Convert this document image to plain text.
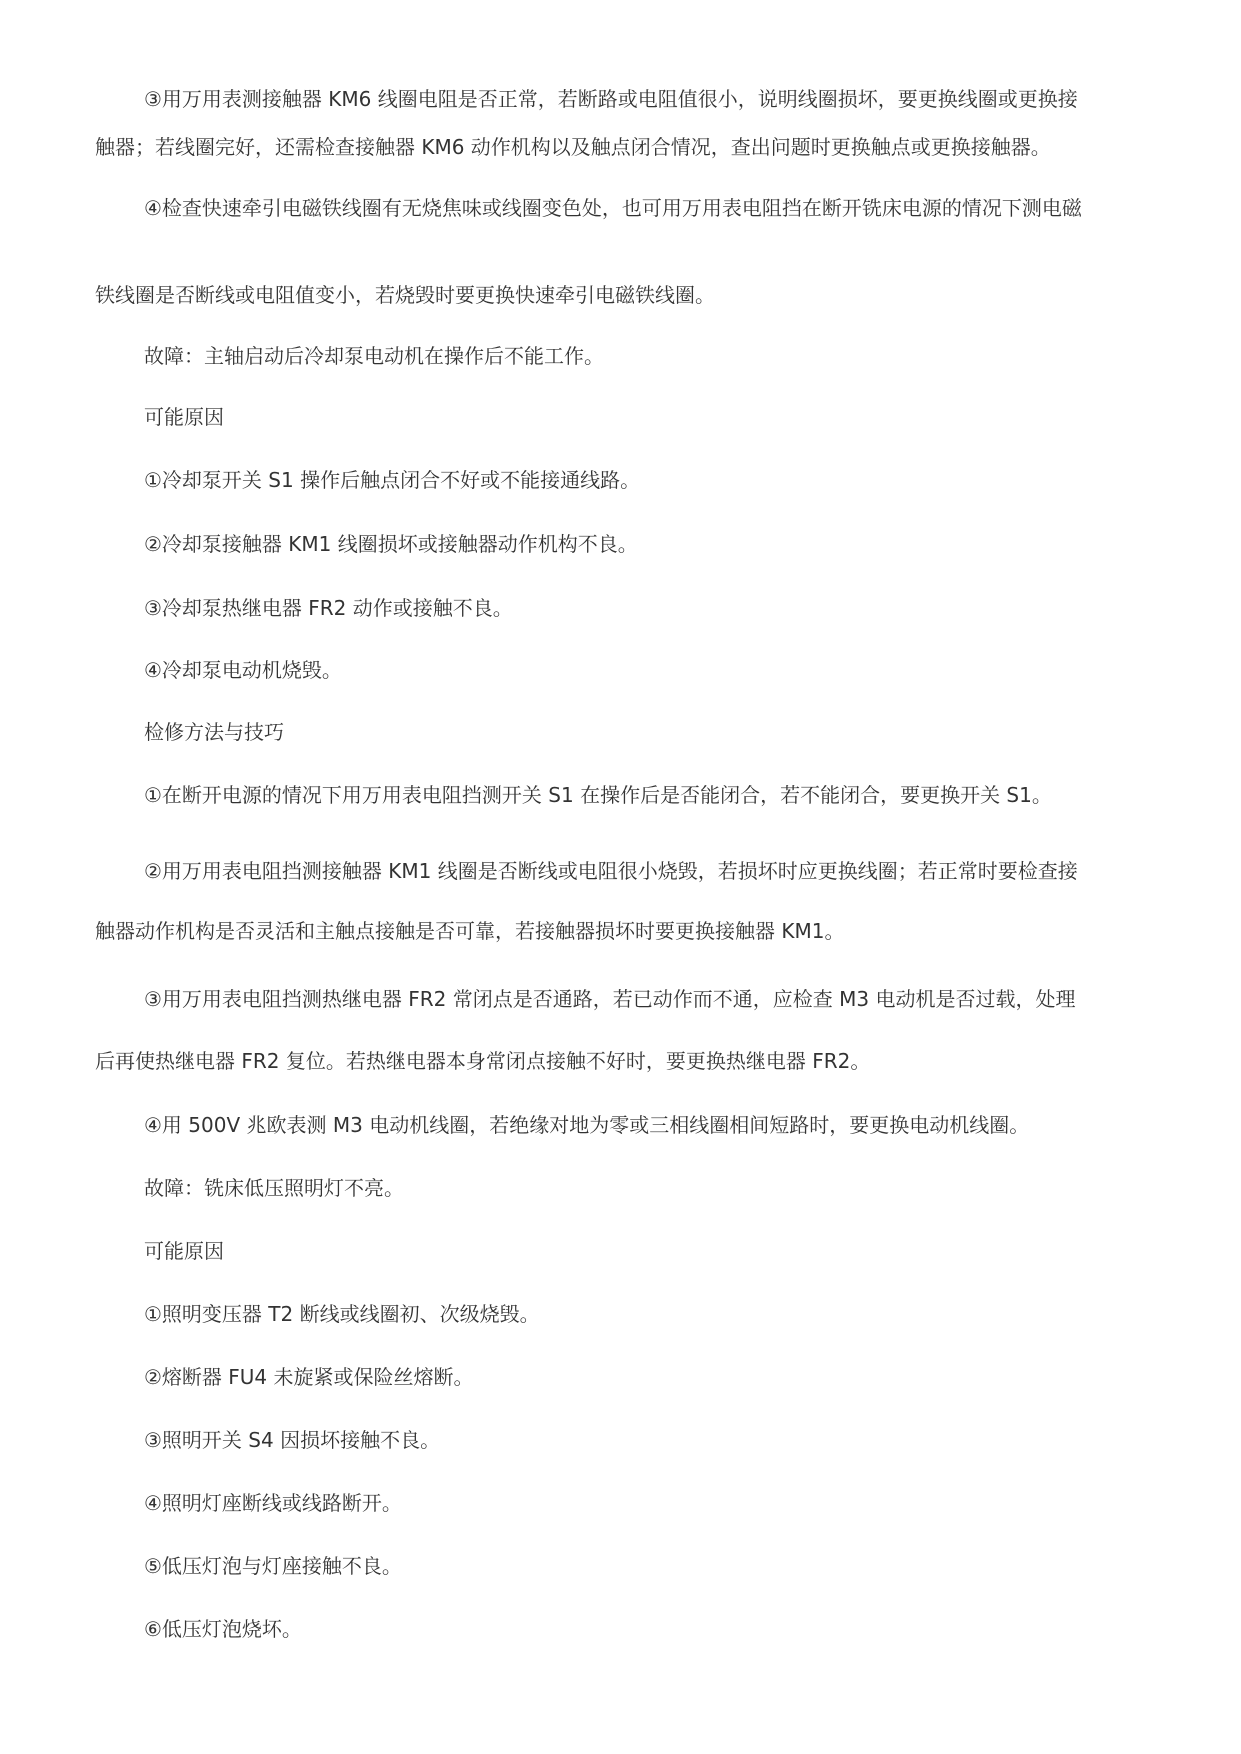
③用万用表测接触器 KM6 线圈电阻是否正常，若断路或电阻值很小，说明线圈损坏，要更换线圈或更换接
触器；若线圈完好，还需检查接触器 KM6 动作机构以及触点闭合情况，查出问题时更换触点或更换接触器。
④检查快速牵引电磁铁线圈有无烧焦味或线圈变色处，也可用万用表电阻挡在断开铣床电源的情况下测电磁
铁线圈是否断线或电阻值变小，若烧毁时要更换快速牵引电磁铁线圈。
故障：主轴启动后冷却泵电动机在操作后不能工作。
可能原因
①冷却泵开关 S1 操作后触点闭合不好或不能接通线路。
②冷却泵接触器 KM1 线圈损坏或接触器动作机构不良。
③冷却泵热继电器 FR2 动作或接触不良。
④冷却泵电动机烧毁。
检修方法与技巧
①在断开电源的情况下用万用表电阻挡测开关 S1 在操作后是否能闭合，若不能闭合，要更换开关 S1。
②用万用表电阻挡测接触器 KM1 线圈是否断线或电阻很小烧毁，若损坏时应更换线圈；若正常时要检查接
触器动作机构是否灵活和主触点接触是否可靠，若接触器损坏时要更换接触器 KM1。
③用万用表电阻挡测热继电器 FR2 常闭点是否通路，若已动作而不通，应检查 M3 电动机是否过载，处理
后再使热继电器 FR2 复位。若热继电器本身常闭点接触不好时，要更换热继电器 FR2。
④用 500V 兆欧表测 M3 电动机线圈，若绝缘对地为零或三相线圈相间短路时，要更换电动机线圈。
故障：铣床低压照明灯不亮。
可能原因
①照明变压器 T2 断线或线圈初、次级烧毁。
②熔断器 FU4 未旋紧或保险丝熔断。
③照明开关 S4 因损坏接触不良。
④照明灯座断线或线路断开。
⑤低压灯泡与灯座接触不良。
⑥低压灯泡烧坏。
